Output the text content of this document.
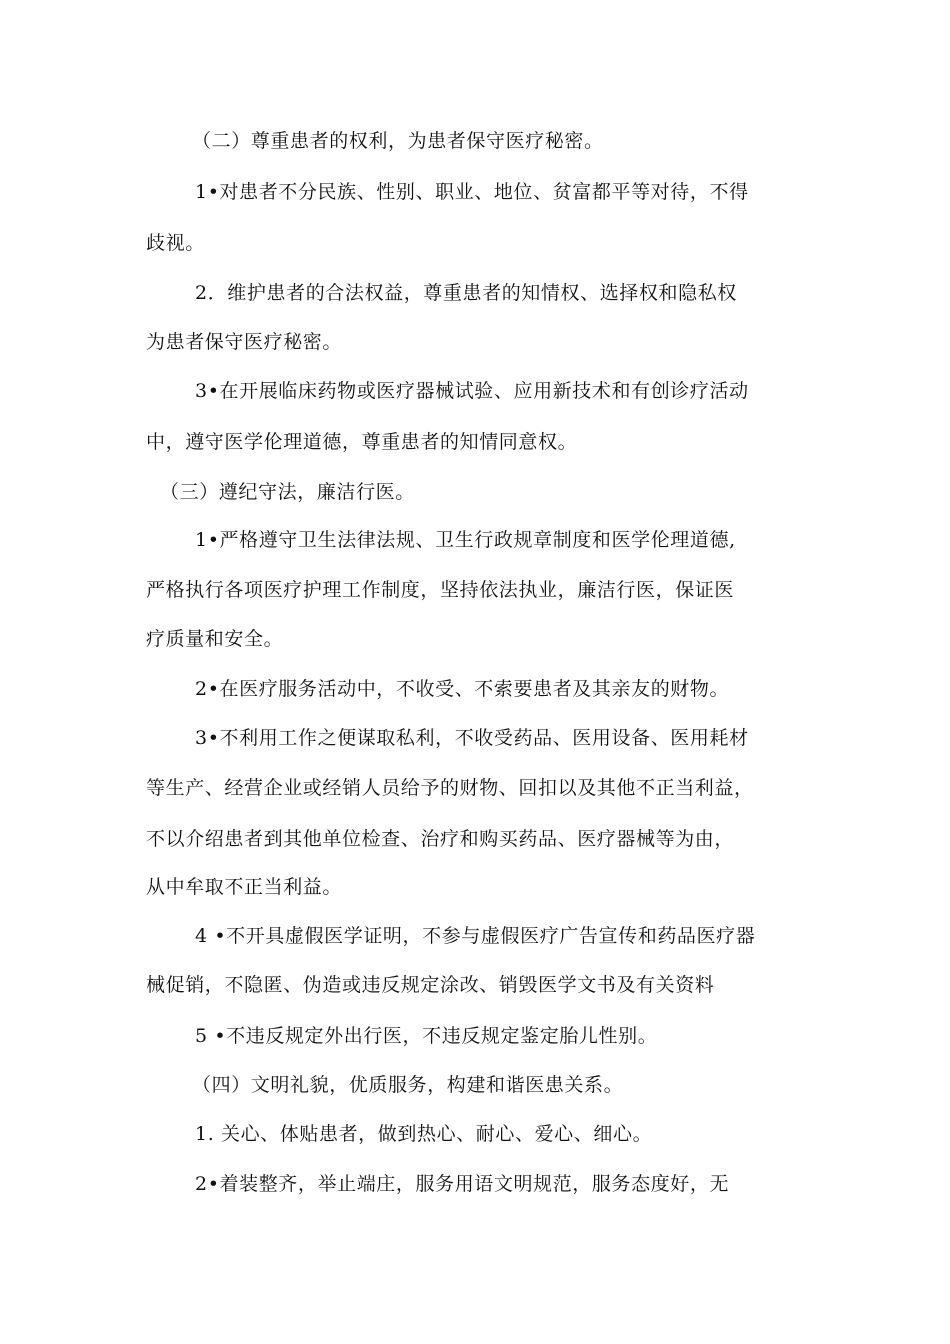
（二）尊重患者的权利，为患者保守医疗秘密。
1•对患者不分民族、性别、职业、地位、贫富都平等对待，不得
歧视。
2．维护患者的合法权益，尊重患者的知情权、选择权和隐私权
为患者保守医疗秘密。
3•在开展临床药物或医疗器械试验、应用新技术和有创诊疗活动
中，遵守医学伦理道德，尊重患者的知情同意权。
（三）遵纪守法，廉洁行医。
1•严格遵守卫生法律法规、卫生行政规章制度和医学伦理道德,
严格执行各项医疗护理工作制度，坚持依法执业，廉洁行医，保证医
疗质量和安全。
2•在医疗服务活动中，不收受、不索要患者及其亲友的财物。
3•不利用工作之便谋取私利，不收受药品、医用设备、医用耗材
等生产、经营企业或经销人员给予的财物、回扣以及其他不正当利益，
不以介绍患者到其他单位检查、治疗和购买药品、医疗器械等为由，
从中牟取不正当利益。
4 •不开具虚假医学证明，不参与虚假医疗广告宣传和药品医疗器
械促销，不隐匿、伪造或违反规定涂改、销毁医学文书及有关资料
5 •不违反规定外出行医，不违反规定鉴定胎儿性别。
（四）文明礼貌，优质服务，构建和谐医患关系。
1. 关心、体贴患者，做到热心、耐心、爱心、细心。
2•着装整齐，举止端庄，服务用语文明规范，服务态度好，无
